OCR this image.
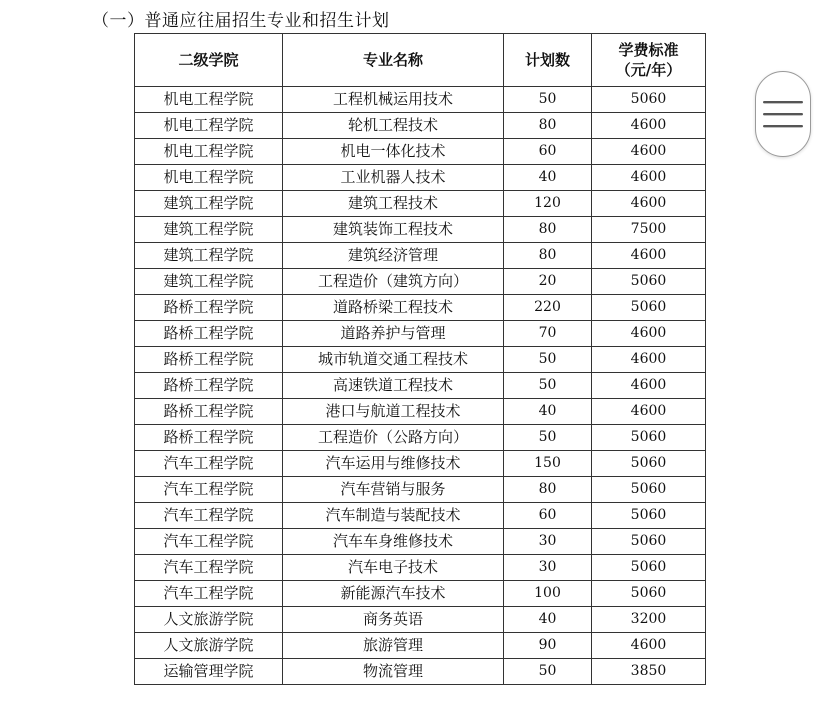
（一）普通应往届招生专业和招生计划
二级学院	专业名称	计划数	学费标准
（元/年）

机电工程学院	工程机械运用技术	50	5060
机电工程学院	轮机工程技术	80	4600
机电工程学院	机电一体化技术	60	4600
机电工程学院	工业机器人技术	40	4600
建筑工程学院	建筑工程技术	120	4600
建筑工程学院	建筑装饰工程技术	80	7500
建筑工程学院	建筑经济管理	80	4600
建筑工程学院	工程造价（建筑方向）	20	5060
路桥工程学院	道路桥梁工程技术	220	5060
路桥工程学院	道路养护与管理	70	4600
路桥工程学院	城市轨道交通工程技术	50	4600
路桥工程学院	高速铁道工程技术	50	4600
路桥工程学院	港口与航道工程技术	40	4600
路桥工程学院	工程造价（公路方向）	50	5060
汽车工程学院	汽车运用与维修技术	150	5060
汽车工程学院	汽车营销与服务	80	5060
汽车工程学院	汽车制造与装配技术	60	5060
汽车工程学院	汽车车身维修技术	30	5060
汽车工程学院	汽车电子技术	30	5060
汽车工程学院	新能源汽车技术	100	5060
人文旅游学院	商务英语	40	3200
人文旅游学院	旅游管理	90	4600
运输管理学院	物流管理	50	3850
